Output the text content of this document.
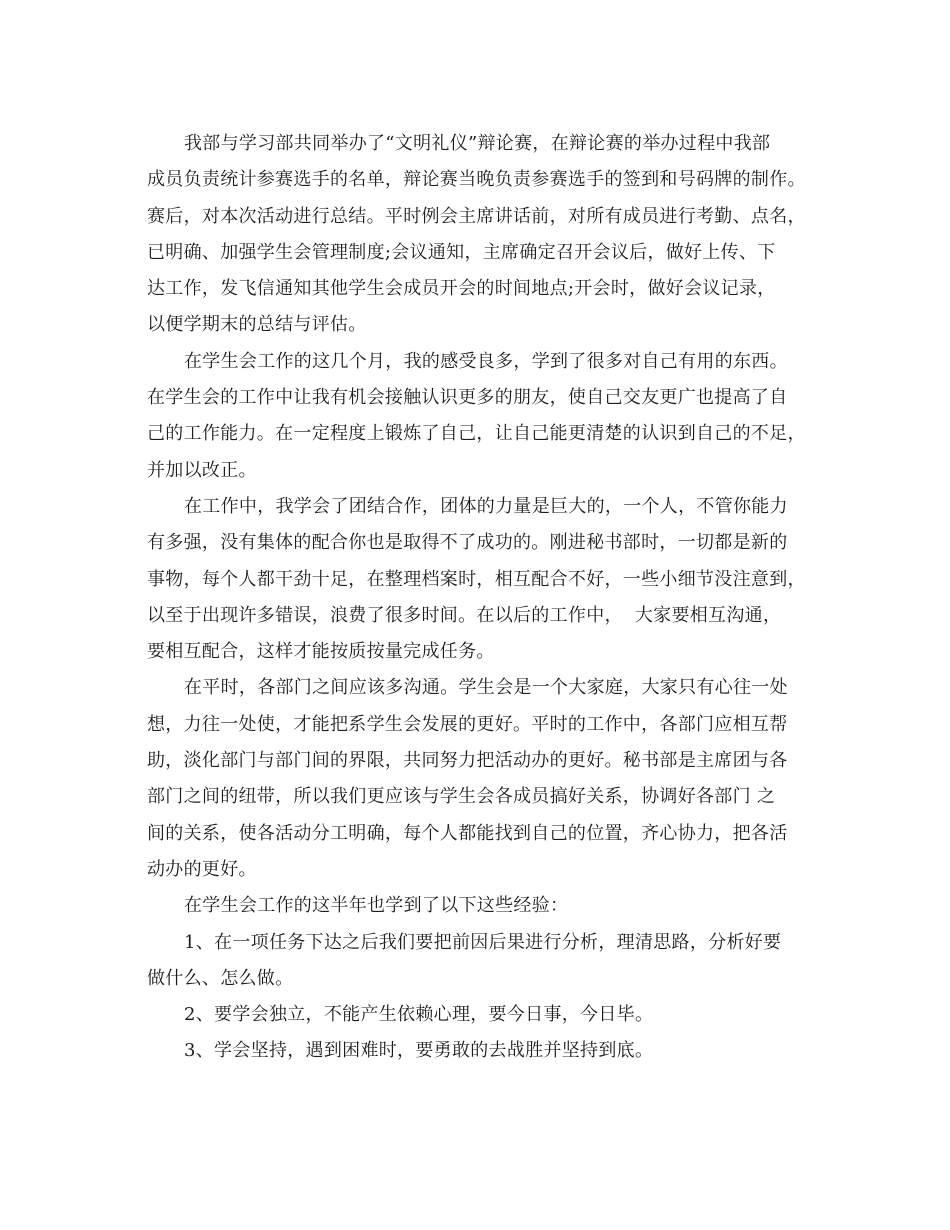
我部与学习部共同举办了“文明礼仪”辩论赛，在辩论赛的举办过程中我部
成员负责统计参赛选手的名单，辩论赛当晚负责参赛选手的签到和号码牌的制作。
赛后，对本次活动进行总结。平时例会主席讲话前，对所有成员进行考勤、点名，
已明确、加强学生会管理制度;会议通知，主席确定召开会议后，做好上传、下
达工作，发飞信通知其他学生会成员开会的时间地点;开会时，做好会议记录，
以便学期末的总结与评估。
在学生会工作的这几个月，我的感受良多，学到了很多对自己有用的东西。
在学生会的工作中让我有机会接触认识更多的朋友，使自己交友更广也提高了自
己的工作能力。在一定程度上锻炼了自己，让自己能更清楚的认识到自己的不足，
并加以改正。
在工作中，我学会了团结合作，团体的力量是巨大的，一个人，不管你能力
有多强，没有集体的配合你也是取得不了成功的。刚进秘书部时，一切都是新的
事物，每个人都干劲十足，在整理档案时，相互配合不好，一些小细节没注意到，
以至于出现许多错误，浪费了很多时间。在以后的工作中，  大家要相互沟通，
要相互配合，这样才能按质按量完成任务。
在平时，各部门之间应该多沟通。学生会是一个大家庭，大家只有心往一处
想，力往一处使，才能把系学生会发展的更好。平时的工作中，各部门应相互帮
助，淡化部门与部门间的界限，共同努力把活动办的更好。秘书部是主席团与各
部门之间的纽带，所以我们更应该与学生会各成员搞好关系，协调好各部门 之
间的关系，使各活动分工明确，每个人都能找到自己的位置，齐心协力，把各活
动办的更好。
在学生会工作的这半年也学到了以下这些经验：
1、在一项任务下达之后我们要把前因后果进行分析，理清思路，分析好要
做什么、怎么做。
2、要学会独立，不能产生依赖心理，要今日事，今日毕。
3、学会坚持，遇到困难时，要勇敢的去战胜并坚持到底。
